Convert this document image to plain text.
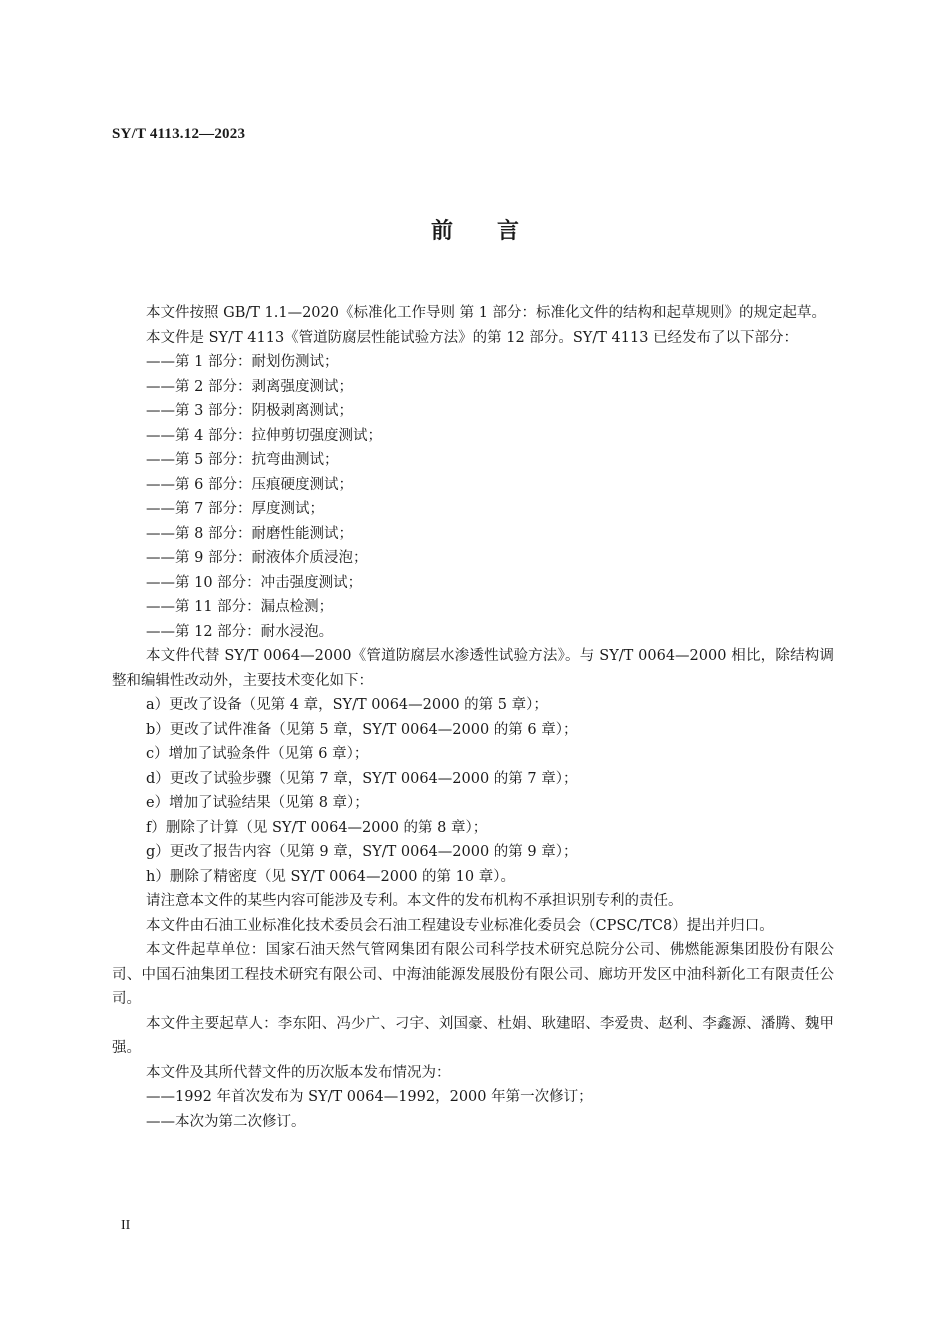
SY/T 4113.12—2023
前言

本文件按照 GB/T 1.1—2020《标准化工作导则 第 1 部分：标准化文件的结构和起草规则》的规定起草。

本文件是 SY/T 4113《管道防腐层性能试验方法》的第 12 部分。SY/T 4113 已经发布了以下部分：

——第 1 部分：耐划伤测试；

——第 2 部分：剥离强度测试；

——第 3 部分：阴极剥离测试；

——第 4 部分：拉伸剪切强度测试；

——第 5 部分：抗弯曲测试；

——第 6 部分：压痕硬度测试；

——第 7 部分：厚度测试；

——第 8 部分：耐磨性能测试；

——第 9 部分：耐液体介质浸泡；

——第 10 部分：冲击强度测试；

——第 11 部分：漏点检测；

——第 12 部分：耐水浸泡。

本文件代替 SY/T 0064—2000《管道防腐层水渗透性试验方法》。与 SY/T 0064—2000 相比，除结构调整和编辑性改动外，主要技术变化如下：

a）更改了设备（见第 4 章，SY/T 0064—2000 的第 5 章）；

b）更改了试件准备（见第 5 章，SY/T 0064—2000 的第 6 章）；

c）增加了试验条件（见第 6 章）；

d）更改了试验步骤（见第 7 章，SY/T 0064—2000 的第 7 章）；

e）增加了试验结果（见第 8 章）；

f）删除了计算（见 SY/T 0064—2000 的第 8 章）；

g）更改了报告内容（见第 9 章，SY/T 0064—2000 的第 9 章）；

h）删除了精密度（见 SY/T 0064—2000 的第 10 章）。

请注意本文件的某些内容可能涉及专利。本文件的发布机构不承担识别专利的责任。

本文件由石油工业标准化技术委员会石油工程建设专业标准化委员会（CPSC/TC8）提出并归口。

本文件起草单位：国家石油天然气管网集团有限公司科学技术研究总院分公司、佛燃能源集团股份有限公司、中国石油集团工程技术研究有限公司、中海油能源发展股份有限公司、廊坊开发区中油科新化工有限责任公司。

本文件主要起草人：李东阳、冯少广、刁宇、刘国豪、杜娟、耿建昭、李爱贵、赵利、李鑫源、潘腾、魏甲强。

本文件及其所代替文件的历次版本发布情况为：

——1992 年首次发布为 SY/T 0064—1992，2000 年第一次修订；

——本次为第二次修订。

II
